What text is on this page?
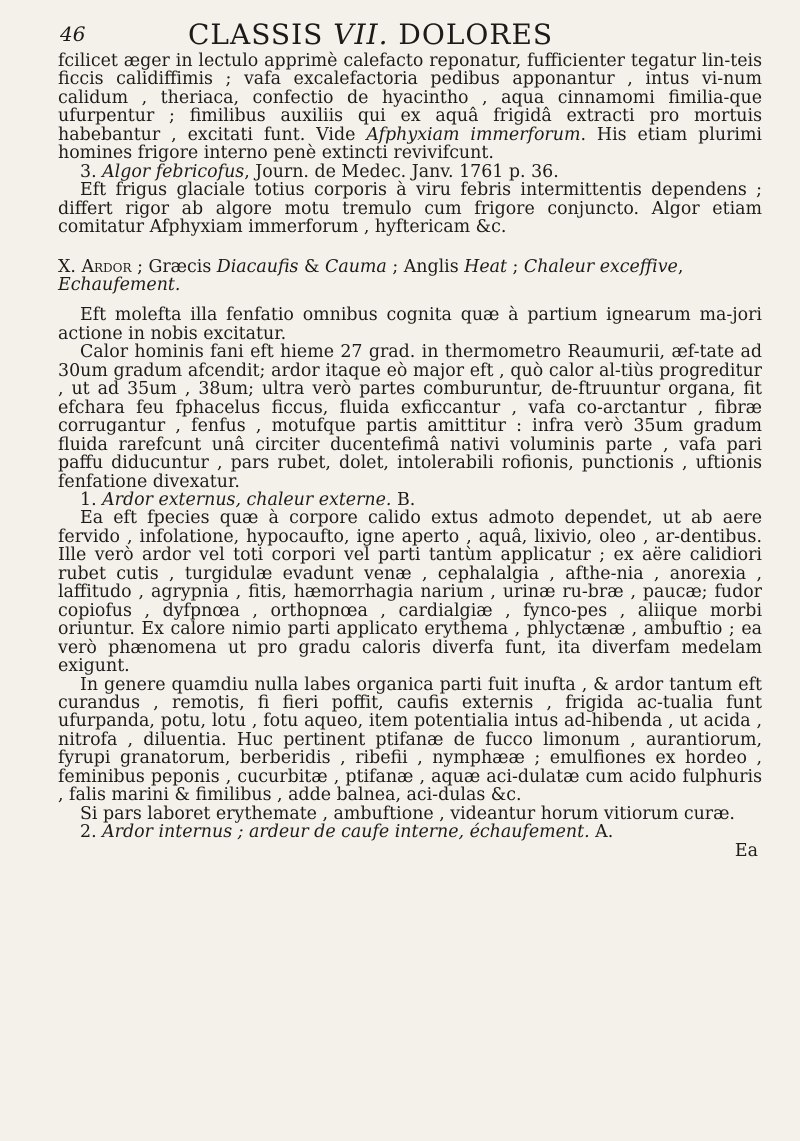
46	CLASSIS VII. DOLORES

fcilicet æger in lectulo apprimè calefacto reponatur, fufficienter tegatur lin-teis ficcis calidiffimis ; vafa excalefactoria pedibus apponantur , intus vi-num calidum , theriaca, confectio de hyacintho , aqua cinnamomi fimilia-que ufurpentur ; fimilibus auxiliis qui ex aquâ frigidâ extracti pro mortuis habebantur , excitati funt. Vide Afphyxiam immerforum. His etiam plurimi homines frigore interno penè extincti revivifcunt.

3. Algor febricofus, Journ. de Medec. Janv. 1761 p. 36.

Eft frigus glaciale totius corporis à viru febris intermittentis dependens ; differt rigor ab algore motu tremulo cum frigore conjuncto. Algor etiam comitatur Afphyxiam immerforum , hyftericam &c.

X. Ardor ; Græcis Diacaufis & Cauma ; Anglis Heat ; Chaleur exceffive,
Echaufement.

Eft molefta illa fenfatio omnibus cognita quæ à partium ignearum ma-jori actione in nobis excitatur.

Calor hominis fani eft hieme 27 grad. in thermometro Reaumurii, æf-tate ad 30um gradum afcendit; ardor itaque eò major eft , quò calor al-tiùs progreditur , ut ad 35um , 38um; ultra verò partes comburuntur, de-ftruuntur organa, fit efchara feu fphacelus ficcus, fluida exficcantur , vafa co-arctantur , fibræ corrugantur , fenfus , motufque partis amittitur : infra verò 35um gradum fluida rarefcunt unâ circiter ducentefimâ nativi voluminis parte , vafa pari paffu diducuntur , pars rubet, dolet, intolerabili rofionis, punctionis , uftionis fenfatione divexatur.

1. Ardor externus, chaleur externe. B.

Ea eft fpecies quæ à corpore calido extus admoto dependet, ut ab aere fervido , infolatione, hypocaufto, igne aperto , aquâ, lixivio, oleo , ar-dentibus. Ille verò ardor vel toti corpori vel parti tantùm applicatur ; ex aëre calidiori rubet cutis , turgidulæ evadunt venæ , cephalalgia , afthe-nia , anorexia , laffitudo , agrypnia , fitis, hæmorrhagia narium , urinæ ru-bræ , paucæ; fudor copiofus , dyfpnœa , orthopnœa , cardialgiæ , fynco-pes , aliique morbi oriuntur. Ex calore nimio parti applicato erythema , phlyctænæ , ambuftio ; ea verò phænomena ut pro gradu caloris diverfa funt, ita diverfam medelam exigunt.

In genere quamdiu nulla labes organica parti fuit inufta , & ardor tantum eft curandus , remotis, fi fieri poffit, caufis externis , frigida ac-tualia funt ufurpanda, potu, lotu , fotu aqueo, item potentialia intus ad-hibenda , ut acida , nitrofa , diluentia. Huc pertinent ptifanæ de fucco limonum , aurantiorum, fyrupi granatorum, berberidis , ribefii , nymphææ ; emulfiones ex hordeo , feminibus peponis , cucurbitæ , ptifanæ , aquæ aci-dulatæ cum acido fulphuris , falis marini & fimilibus , adde balnea, aci-dulas &c.

Si pars laboret erythemate , ambuftione , videantur horum vitiorum curæ.

2. Ardor internus ; ardeur de caufe interne, échaufement. A.

Ea
